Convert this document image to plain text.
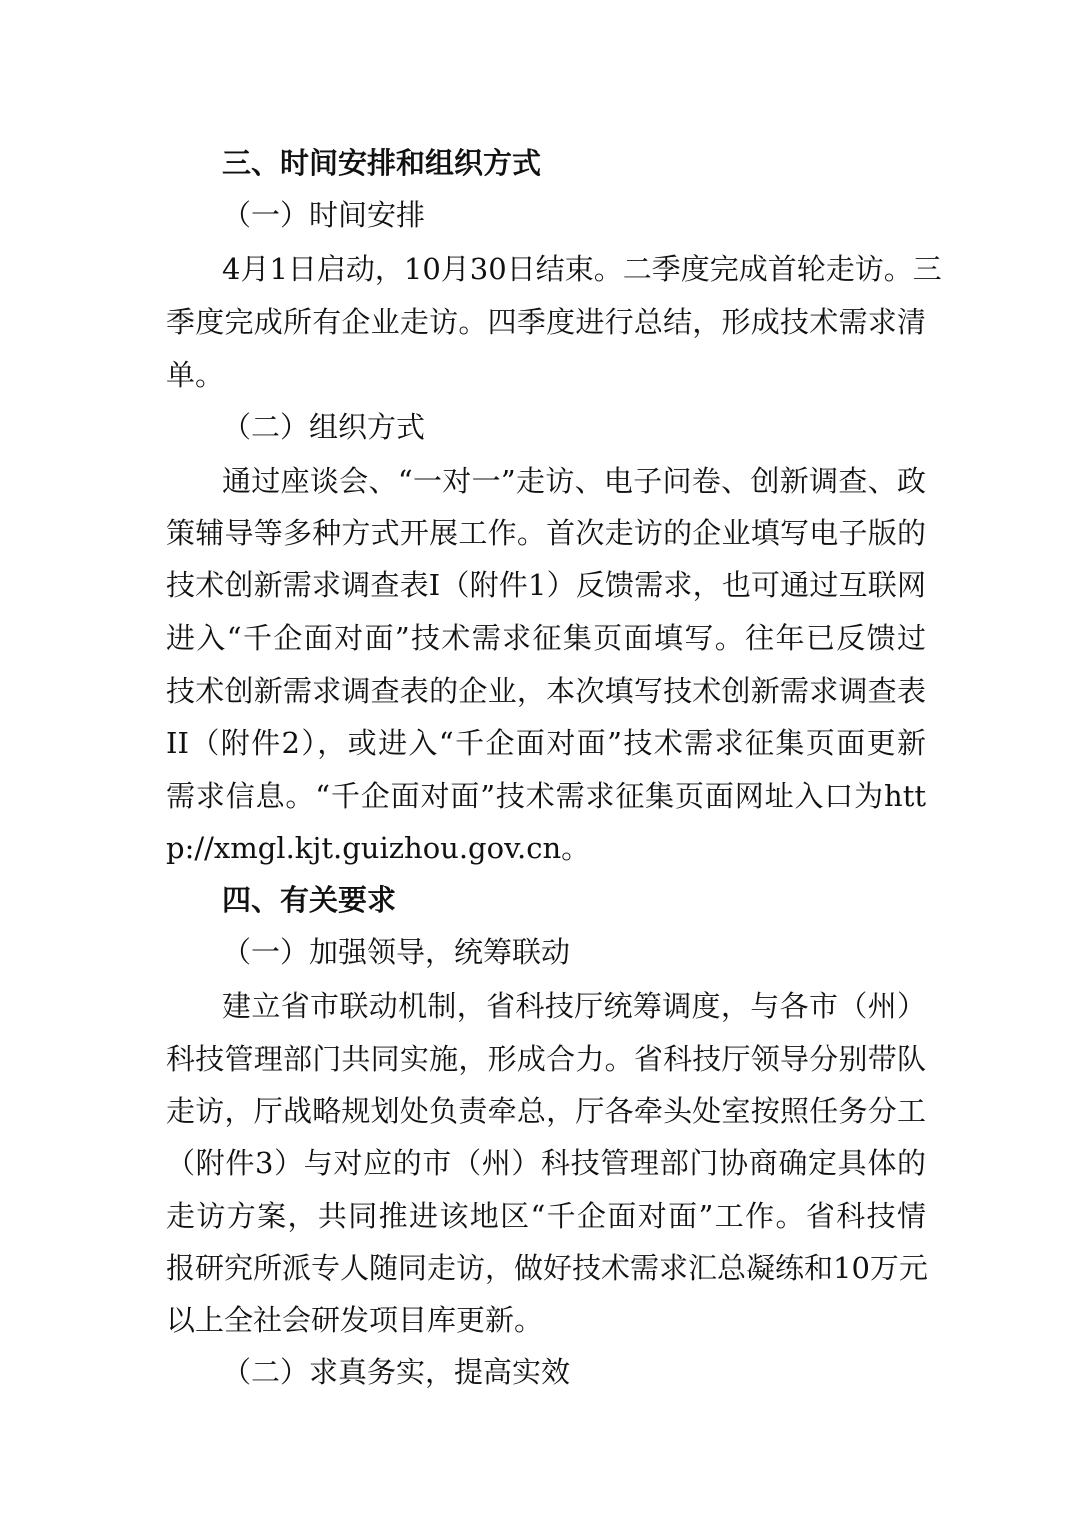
三、时间安排和组织方式
（一）时间安排
4月1日启动，10月30日结束。二季度完成首轮走访。三
季度完成所有企业走访。四季度进行总结，形成技术需求清
单。
（二）组织方式
通过座谈会、“一对一”走访、电子问卷、创新调查、政
策辅导等多种方式开展工作。首次走访的企业填写电子版的
技术创新需求调查表I（附件1）反馈需求，也可通过互联网
进入“千企面对面”技术需求征集页面填写。往年已反馈过
技术创新需求调查表的企业，本次填写技术创新需求调查表
II（附件2），或进入“千企面对面”技术需求征集页面更新
需求信息。“千企面对面”技术需求征集页面网址入口为htt
p://xmgl.kjt.guizhou.gov.cn。
四、有关要求
（一）加强领导，统筹联动
建立省市联动机制，省科技厅统筹调度，与各市（州）
科技管理部门共同实施，形成合力。省科技厅领导分别带队
走访，厅战略规划处负责牵总，厅各牵头处室按照任务分工
（附件3）与对应的市（州）科技管理部门协商确定具体的
走访方案，共同推进该地区“千企面对面”工作。省科技情
报研究所派专人随同走访，做好技术需求汇总凝练和10万元
以上全社会研发项目库更新。
（二）求真务实，提高实效
